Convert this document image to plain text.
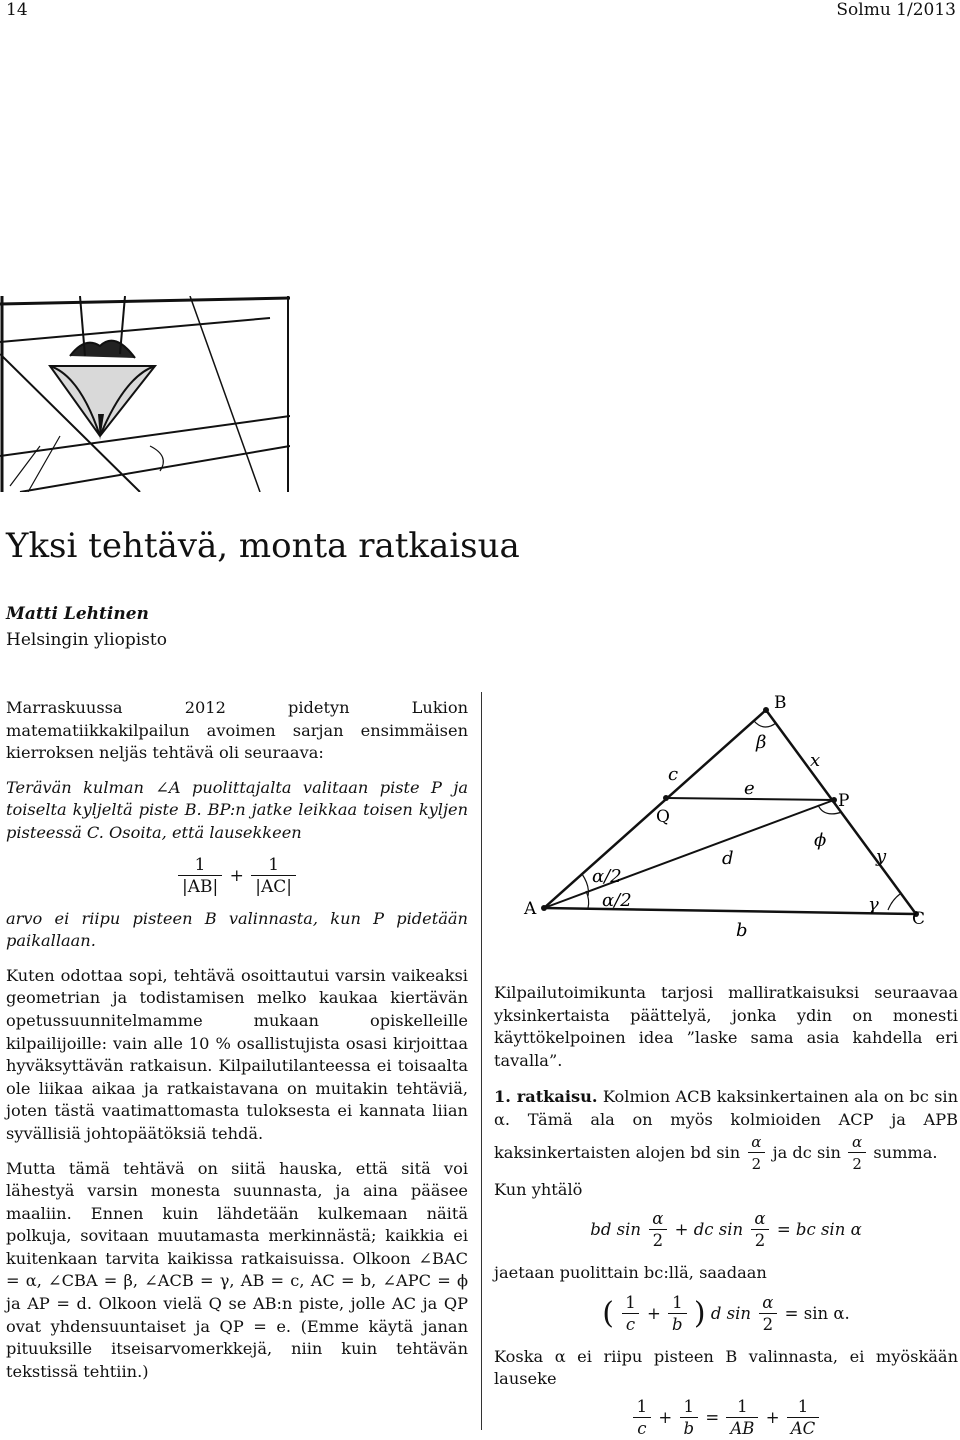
14	Solmu 1/2013
Yksi tehtävä, monta ratkaisua
Matti Lehtinen
Helsingin yliopisto

Marraskuussa 2012 pidetyn Lukion matematiikkakilpailun avoimen sarjan ensimmäisen kierroksen neljäs tehtävä oli seuraava:

Terävän kulman ∠A puolittajalta valitaan piste P ja toiselta kyljeltä piste B. BP:n jatke leikkaa toisen kyljen pisteessä C. Osoita, että lausekkeen

$\frac{1}{|AB|} + \frac{1}{|AC|}$

arvo ei riipu pisteen B valinnasta, kun P pidetään paikallaan.

Kuten odottaa sopi, tehtävä osoittautui varsin vaikeaksi geometrian ja todistamisen melko kaukaa kiertävän opetussuunnitelmamme mukaan opiskelleille kilpailijoille: vain alle 10 % osallistujista osasi kirjoittaa hyväksyttävän ratkaisun. Kilpailutilanteessa ei toisaalta ole liikaa aikaa ja ratkaistavana on muitakin tehtäviä, joten tästä vaatimattomasta tuloksesta ei kannata liian syvällisiä johtopäätöksiä tehdä.

Mutta tämä tehtävä on siitä hauska, että sitä voi lähestyä varsin monesta suunnasta, ja aina pääsee maaliin. Ennen kuin lähdetään kulkemaan näitä polkuja, sovitaan muutamasta merkinnästä; kaikkia ei kuitenkaan tarvita kaikissa ratkaisuissa. Olkoon ∠BAC = α, ∠CBA = β, ∠ACB = γ, AB = c, AC = b, ∠APC = ϕ ja AP = d. Olkoon vielä Q se AB:n piste, jolle AC ja QP ovat yhdensuuntaiset ja QP = e. (Emme käytä janan pituuksille itseisarvomerkkejä, niin kuin tehtävän tekstissä tehtiin.)

A
B
C
P
Q
c
x
e
β
d
ϕ
y
α/2
α/2
b
γ

Kilpailutoimikunta tarjosi malliratkaisuksi seuraavaa yksinkertaista päättelyä, jonka ydin on monesti käyttökelpoinen idea ”laske sama asia kahdella eri tavalla”.

1. ratkaisu. Kolmion ACB kaksinkertainen ala on bc sin α. Tämä ala on myös kolmioiden ACP ja APB kaksinkertaisten alojen bd $\sin \frac{\alpha}{2}$ ja dc $\sin \frac{\alpha}{2}$ summa.

Kun yhtälö

bd $\sin \frac{\alpha}{2}$ + dc $\sin \frac{\alpha}{2}$ = bc sin α

jaetaan puolittain bc:llä, saadaan

( $\frac{1}{c} + \frac{1}{b}$ ) d $\sin \frac{\alpha}{2} = \sin \alpha$.

Koska α ei riipu pisteen B valinnasta, ei myöskään lauseke

$\frac{1}{c} + \frac{1}{b} = \frac{1}{AB} + \frac{1}{AC}$
